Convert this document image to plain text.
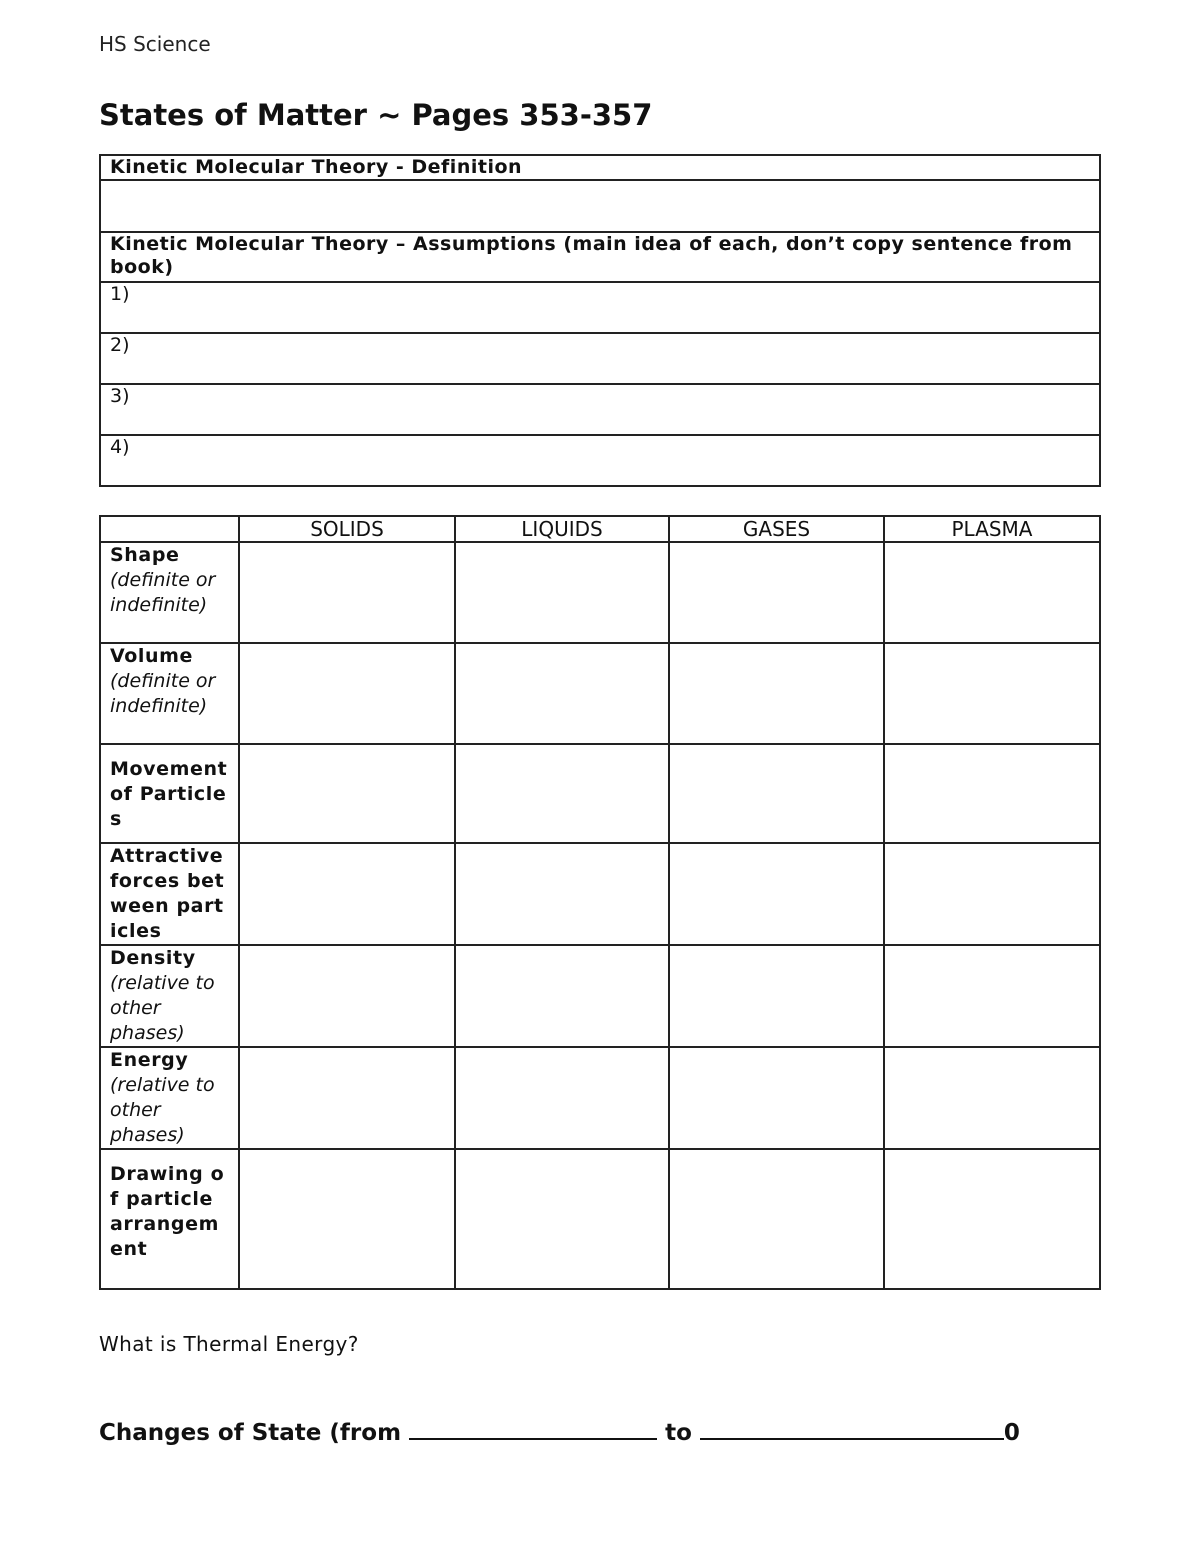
HS Science
States of Matter ~ Pages 353-357
Kinetic Molecular Theory - Definition

Kinetic Molecular Theory – Assumptions (main idea of each, don’t copy sentence from book)
1)
2)
3)
4)
	SOLIDS	LIQUIDS	GASES	PLASMA

Shape
(definite or indefinite)				

Volume
(definite or indefinite)				

Movement of Particles				

Attractive forces between particles				

Density
(relative to other phases)				

Energy
(relative to other phases)				

Drawing of particle arrangement				

What is Thermal Energy?
Changes of State (from	to	0
